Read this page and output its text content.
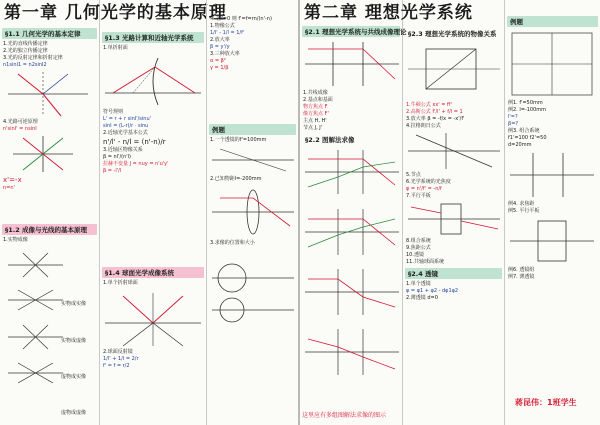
第一章 几何光学的基本原理
§1.1 几何光学的基本定律
1.光的直线传播定律
2.光的独立传播定律
3.光的反射定律和折射定律
n1sinI1 = n2sinI2
4.光路可逆原理
n'sinI' = nsinI
x'=-x
n=n'
§1.2 成像与光线的基本原理
1.实物成像
实物成实像
实物成虚像
虚物成实像
虚物成虚像
§1.3 光路计算和近轴光学系统
1.单折射面
符号规则
L' = r + r sinI'/sinu'
sinI = (L-r)/r · sinu
2.近轴光学基本公式
n'/l' - n/l = (n'-n)/r
3.近轴区物像关系
β = nl'/(n'l)
拉赫不变量 J = nuy = n'u'y'
β = -l'/l
§1.4 球面光学成像系统
1.单个折射球面
2.球面反射镜
1/l' + 1/l = 2/r
f' = f = r/2
④ 若f=0 则 f'=f=rn/(n'-n)
1.物像公式
1/l' - 1/l = 1/f'
2.放大率
β = y'/y
3.三种放大率
α = β²
γ = 1/β
例题
1.一个透镜的f'=100mm
2.已知物距l=-200mm
3.求像的位置和大小
第二章 理想光学系统
§2.1 理想光学系统与共线成像理论
1.共线成像
2.基点和基面
物方焦点 F
像方焦点 F'
主点 H, H'
节点 J, J'
§2.2 图解法求像
这里应有多组图解法求像的图示
§2.3 理想光学系统的物像关系
1.牛顿公式 xx' = ff'
2.高斯公式 f'/l' + f/l = 1
3.放大率 β = -f/x = -x'/f'
4.拉格朗日公式
5.节点
6.光学系统的光焦度
φ = n'/f' = -n/f
7.平行平板
8.组合系统
9.焦距公式
10.透镜
11.共轴球面系统
§2.4 透镜
1.单个透镜
φ = φ1 + φ2 - dφ1φ2
2.薄透镜 d=0
例题
例1. f'=50mm
例2. l=-100mm
l'=?
β=?
例3. 组合系统
f1'=100 f2'=50
d=20mm
例4. 求焦距
例5. 平行平板
例6. 透镜组
例7. 薄透镜
蒋昆伟：1班学生
